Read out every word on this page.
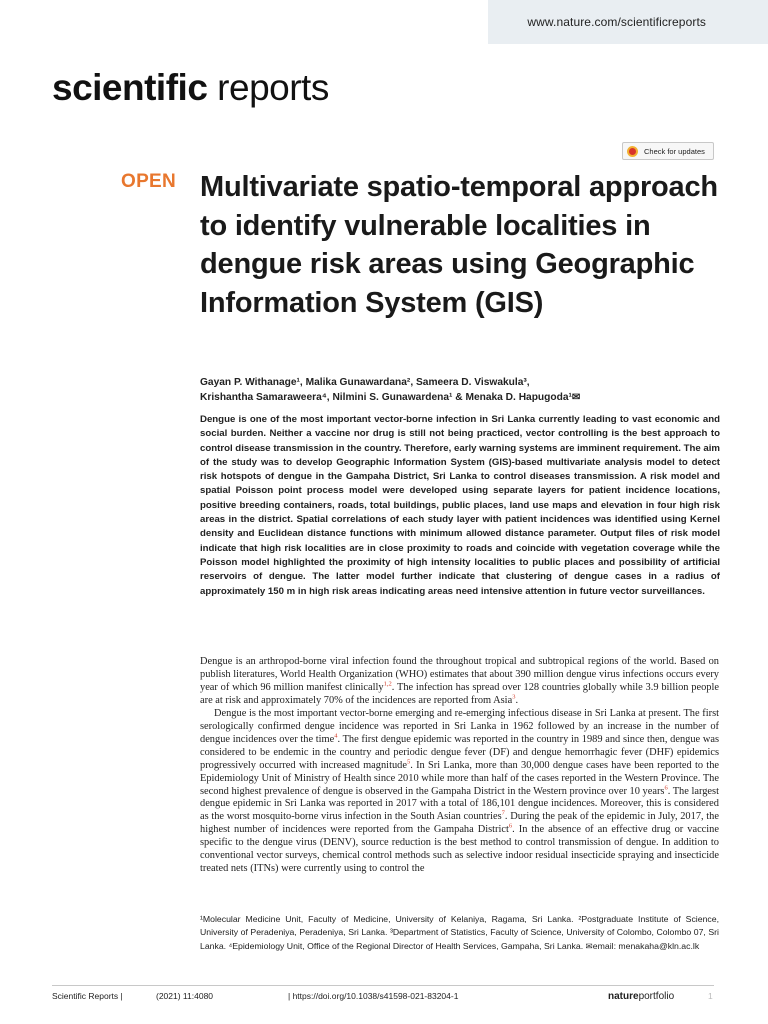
www.nature.com/scientificreports
scientific reports
Check for updates
OPEN Multivariate spatio-temporal approach to identify vulnerable localities in dengue risk areas using Geographic Information System (GIS)
Gayan P. Withanage¹, Malika Gunawardana², Sameera D. Viswakula³,
Krishantha Samaraweera⁴, Nilmini S. Gunawardena¹ & Menaka D. Hapugoda¹✉

Dengue is one of the most important vector-borne infection in Sri Lanka currently leading to vast economic and social burden. Neither a vaccine nor drug is still not being practiced, vector controlling is the best approach to control disease transmission in the country. Therefore, early warning systems are imminent requirement. The aim of the study was to develop Geographic Information System (GIS)-based multivariate analysis model to detect risk hotspots of dengue in the Gampaha District, Sri Lanka to control diseases transmission. A risk model and spatial Poisson point process model were developed using separate layers for patient incidence locations, positive breeding containers, roads, total buildings, public places, land use maps and elevation in four high risk areas in the district. Spatial correlations of each study layer with patient incidences was identified using Kernel density and Euclidean distance functions with minimum allowed distance parameter. Output files of risk model indicate that high risk localities are in close proximity to roads and coincide with vegetation coverage while the Poisson model highlighted the proximity of high intensity localities to public places and possibility of artificial reservoirs of dengue. The latter model further indicate that clustering of dengue cases in a radius of approximately 150 m in high risk areas indicating areas need intensive attention in future vector surveillances.

Dengue is an arthropod-borne viral infection found the throughout tropical and subtropical regions of the world. Based on publish literatures, World Health Organization (WHO) estimates that about 390 million dengue virus infections occurs every year of which 96 million manifest clinically$^{1,2}$. The infection has spread over 128 countries globally while 3.9 billion people are at risk and approximately 70% of the incidences are reported from Asia$^3$.

Dengue is the most important vector-borne emerging and re-emerging infectious disease in Sri Lanka at present. The first serologically confirmed dengue incidence was reported in Sri Lanka in 1962 followed by an increase in the number of dengue incidences over the time$^4$. The first dengue epidemic was reported in the country in 1989 and since then, dengue was considered to be endemic in the country and periodic dengue fever (DF) and dengue hemorrhagic fever (DHF) epidemics progressively occurred with increased magnitude$^5$. In Sri Lanka, more than 30,000 dengue cases have been reported to the Epidemiology Unit of Ministry of Health since 2010 while more than half of the cases reported in the Western Province. The second highest prevalence of dengue is observed in the Gampaha District in the Western province over 10 years$^6$. The largest dengue epidemic in Sri Lanka was reported in 2017 with a total of 186,101 dengue incidences. Moreover, this is considered as the worst mosquito-borne virus infection in the South Asian countries$^7$. During the peak of the epidemic in July, 2017, the highest number of incidences were reported from the Gampaha District$^6$. In the absence of an effective drug or vaccine specific to the dengue virus (DENV), source reduction is the best method to control transmission of dengue. In addition to conventional vector surveys, chemical control methods such as selective indoor residual insecticide spraying and insecticide treated nets (ITNs) were currently using to control the

¹Molecular Medicine Unit, Faculty of Medicine, University of Kelaniya, Ragama, Sri Lanka. ²Postgraduate Institute of Science, University of Peradeniya, Peradeniya, Sri Lanka. ³Department of Statistics, Faculty of Science, University of Colombo, Colombo 07, Sri Lanka. ⁴Epidemiology Unit, Office of the Regional Director of Health Services, Gampaha, Sri Lanka. ✉email: menakaha@kln.ac.lk
Scientific Reports |	(2021) 11:4080	| https://doi.org/10.1038/s41598-021-83204-1	natureportfolio	1
